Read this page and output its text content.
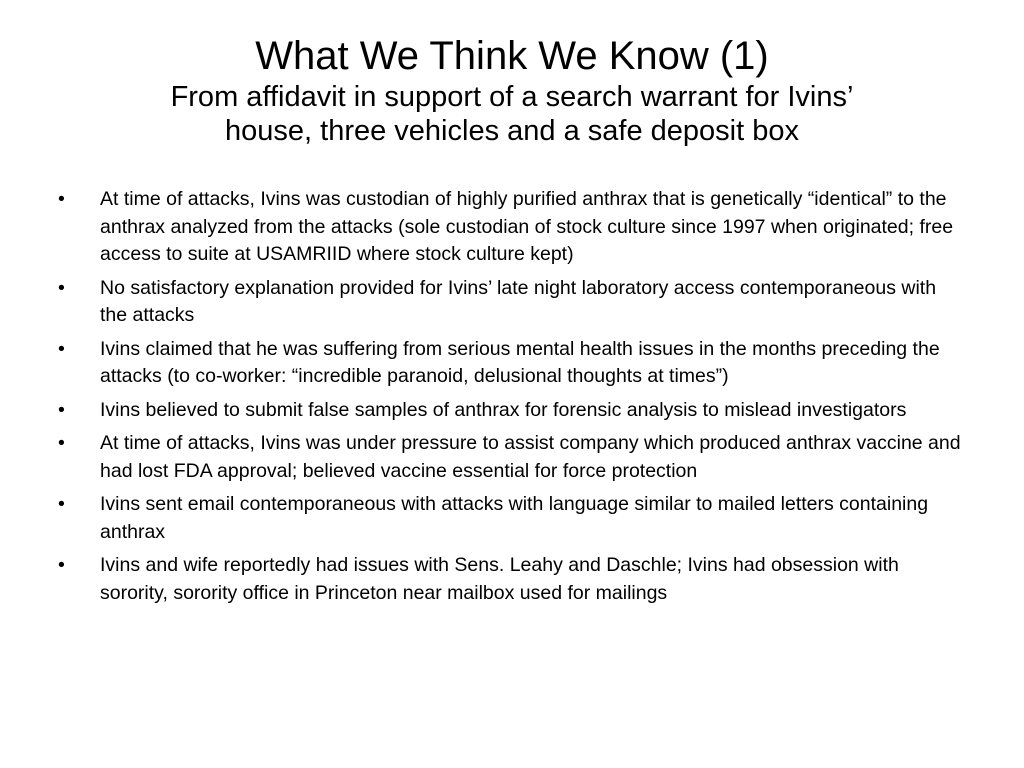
What We Think We Know (1)
From affidavit in support of a search warrant for Ivins’
house, three vehicles and a safe deposit box
•	At time of attacks, Ivins was custodian of highly purified anthrax that is genetically “identical” to the anthrax analyzed from the attacks (sole custodian of stock culture since 1997 when originated; free access to suite at USAMRIID where stock culture kept)
•	No satisfactory explanation provided for Ivins’ late night laboratory access contemporaneous with the attacks
•	Ivins claimed that he was suffering from serious mental health issues in the months preceding the attacks (to co-worker: “incredible paranoid, delusional thoughts at times”)
•	Ivins believed to submit false samples of anthrax for forensic analysis to mislead investigators
•	At time of attacks, Ivins was under pressure to assist company which produced anthrax vaccine and had lost FDA approval; believed vaccine essential for force protection
•	Ivins sent email contemporaneous with attacks with language similar to mailed letters containing anthrax
•	Ivins and wife reportedly had issues with Sens. Leahy and Daschle; Ivins had obsession with sorority, sorority office in Princeton near mailbox used for mailings
